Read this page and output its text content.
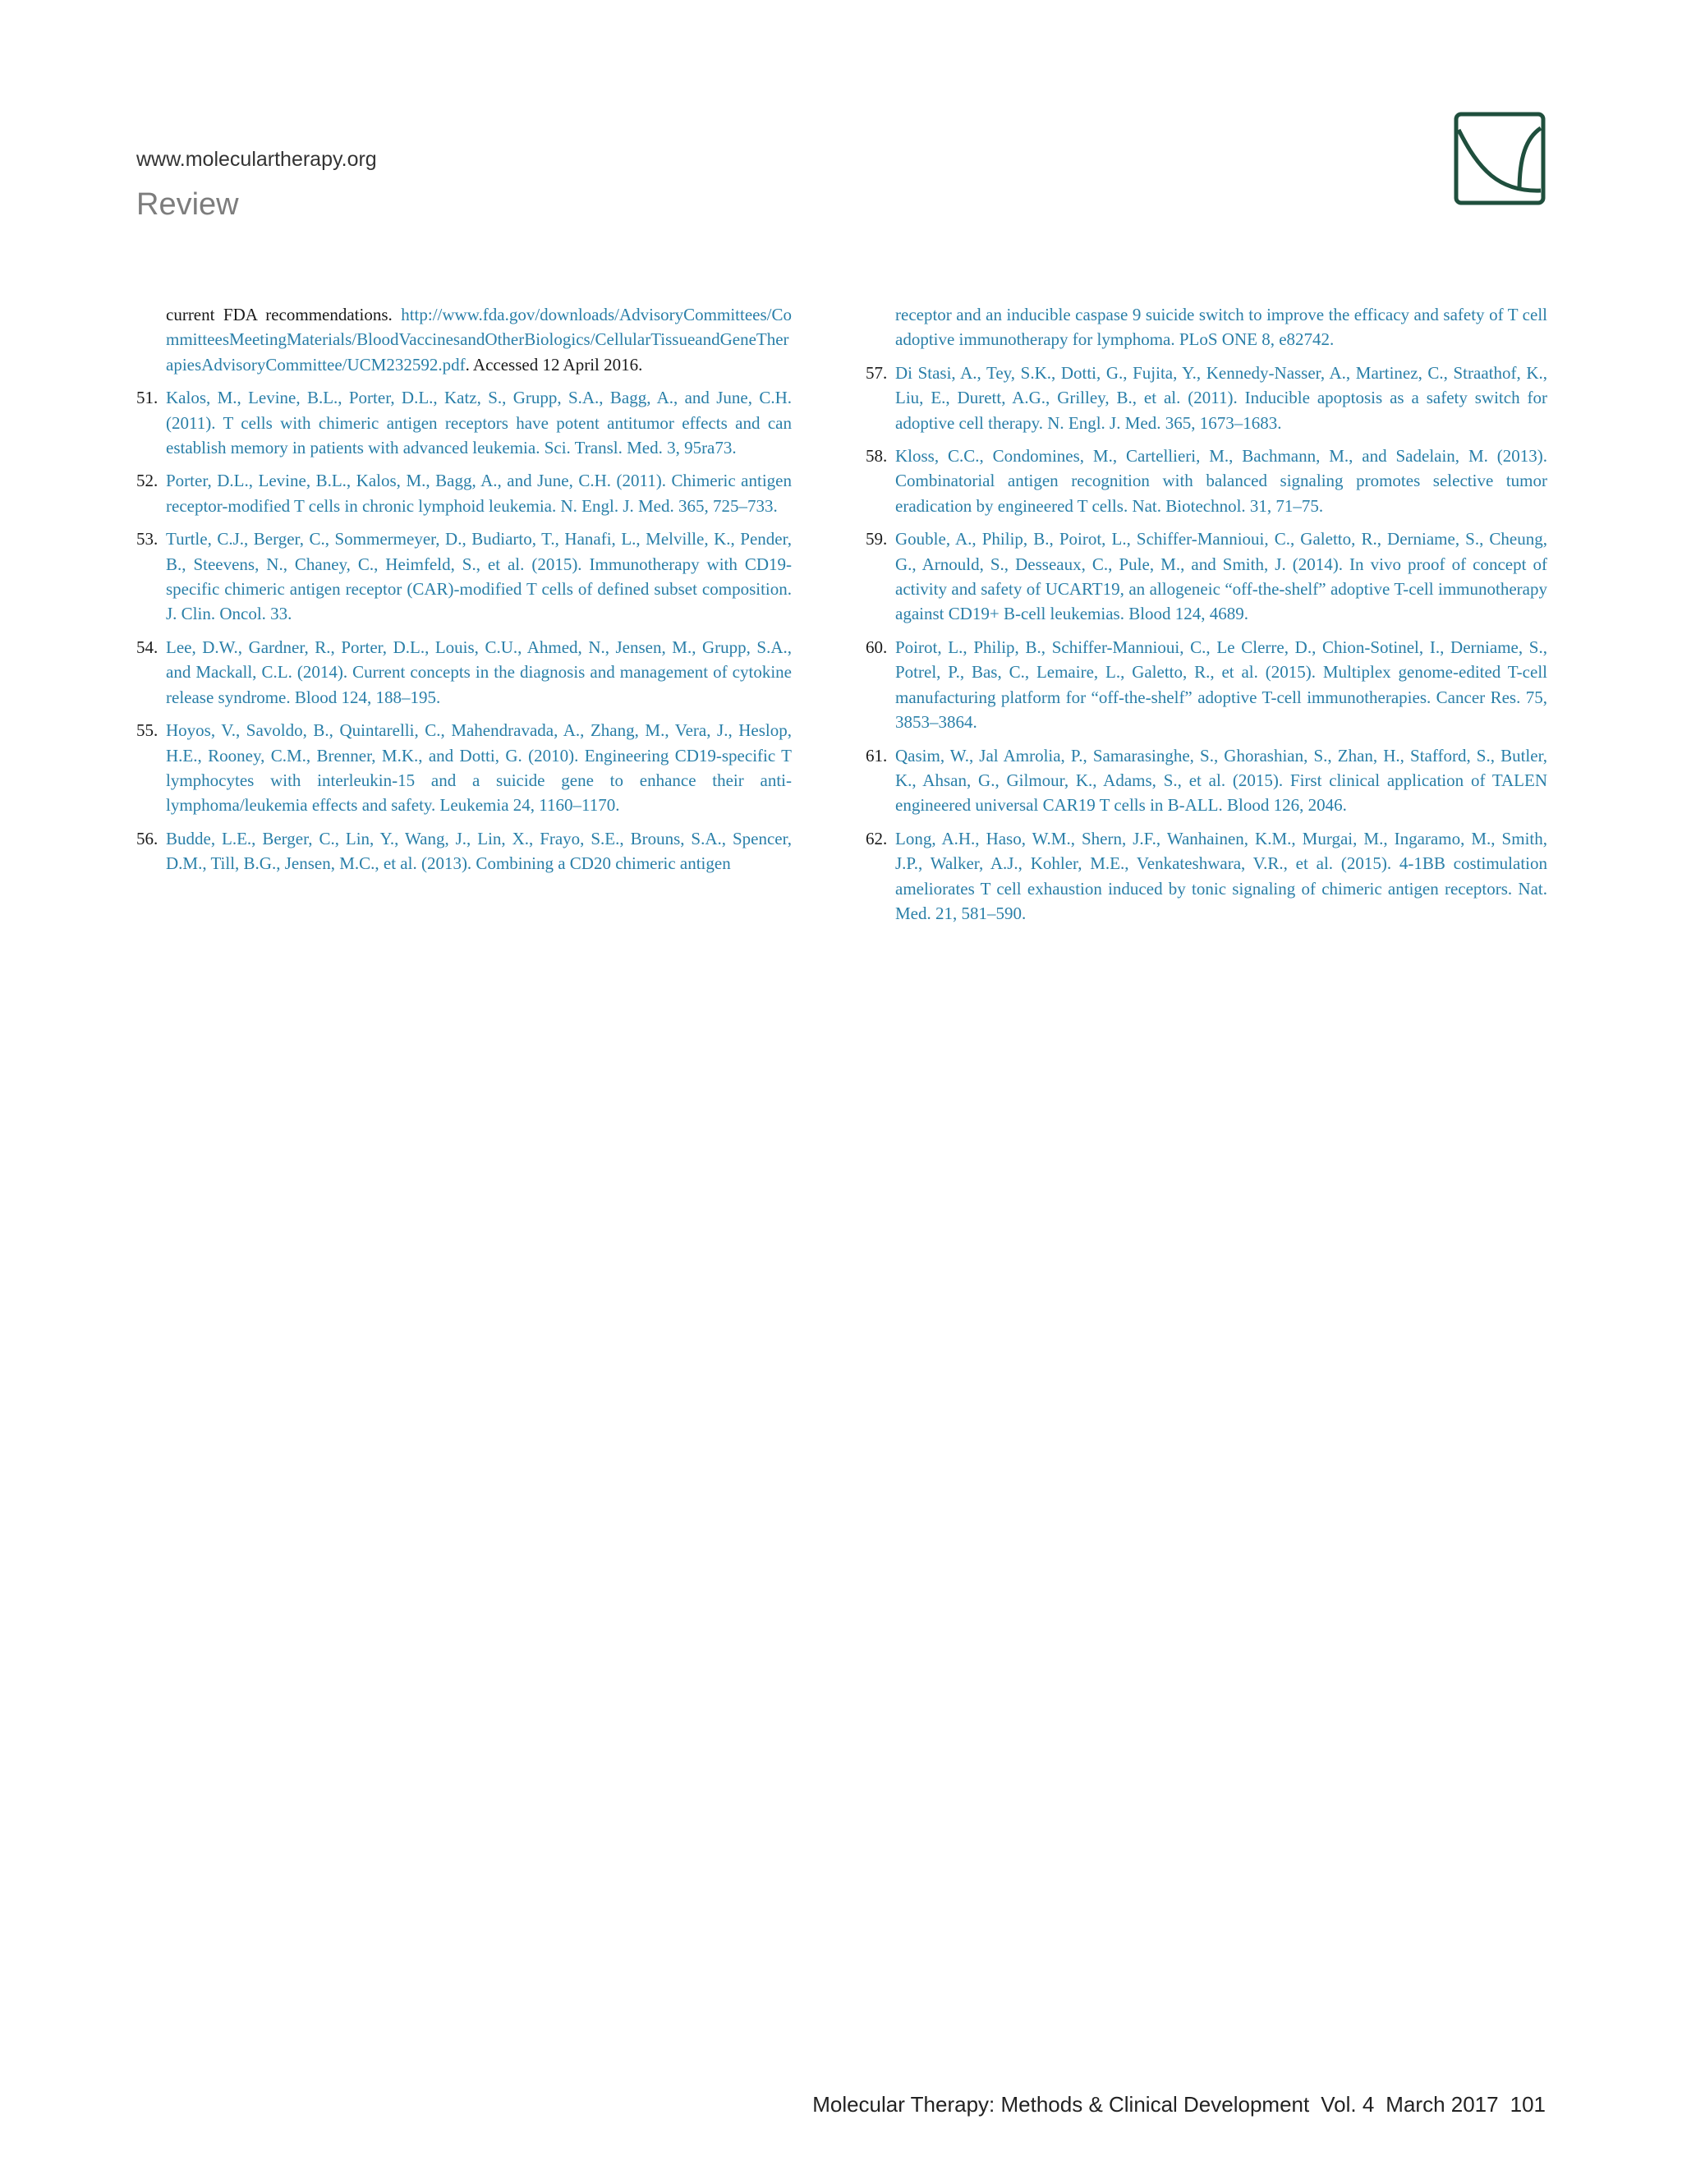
www.moleculartherapy.org
Review
current FDA recommendations. http://www.fda.gov/downloads/AdvisoryCommittees/CommitteesMeetingMaterials/BloodVaccinesandOtherBiologics/CellularTissueandGeneTherapiesAdvisoryCommittee/UCM232592.pdf. Accessed 12 April 2016.
51. Kalos, M., Levine, B.L., Porter, D.L., Katz, S., Grupp, S.A., Bagg, A., and June, C.H. (2011). T cells with chimeric antigen receptors have potent antitumor effects and can establish memory in patients with advanced leukemia. Sci. Transl. Med. 3, 95ra73.
52. Porter, D.L., Levine, B.L., Kalos, M., Bagg, A., and June, C.H. (2011). Chimeric antigen receptor-modified T cells in chronic lymphoid leukemia. N. Engl. J. Med. 365, 725–733.
53. Turtle, C.J., Berger, C., Sommermeyer, D., Budiarto, T., Hanafi, L., Melville, K., Pender, B., Steevens, N., Chaney, C., Heimfeld, S., et al. (2015). Immunotherapy with CD19-specific chimeric antigen receptor (CAR)-modified T cells of defined subset composition. J. Clin. Oncol. 33.
54. Lee, D.W., Gardner, R., Porter, D.L., Louis, C.U., Ahmed, N., Jensen, M., Grupp, S.A., and Mackall, C.L. (2014). Current concepts in the diagnosis and management of cytokine release syndrome. Blood 124, 188–195.
55. Hoyos, V., Savoldo, B., Quintarelli, C., Mahendravada, A., Zhang, M., Vera, J., Heslop, H.E., Rooney, C.M., Brenner, M.K., and Dotti, G. (2010). Engineering CD19-specific T lymphocytes with interleukin-15 and a suicide gene to enhance their anti-lymphoma/leukemia effects and safety. Leukemia 24, 1160–1170.
56. Budde, L.E., Berger, C., Lin, Y., Wang, J., Lin, X., Frayo, S.E., Brouns, S.A., Spencer, D.M., Till, B.G., Jensen, M.C., et al. (2013). Combining a CD20 chimeric antigen
receptor and an inducible caspase 9 suicide switch to improve the efficacy and safety of T cell adoptive immunotherapy for lymphoma. PLoS ONE 8, e82742.
57. Di Stasi, A., Tey, S.K., Dotti, G., Fujita, Y., Kennedy-Nasser, A., Martinez, C., Straathof, K., Liu, E., Durett, A.G., Grilley, B., et al. (2011). Inducible apoptosis as a safety switch for adoptive cell therapy. N. Engl. J. Med. 365, 1673–1683.
58. Kloss, C.C., Condomines, M., Cartellieri, M., Bachmann, M., and Sadelain, M. (2013). Combinatorial antigen recognition with balanced signaling promotes selective tumor eradication by engineered T cells. Nat. Biotechnol. 31, 71–75.
59. Gouble, A., Philip, B., Poirot, L., Schiffer-Mannioui, C., Galetto, R., Derniame, S., Cheung, G., Arnould, S., Desseaux, C., Pule, M., and Smith, J. (2014). In vivo proof of concept of activity and safety of UCART19, an allogeneic “off-the-shelf” adoptive T-cell immunotherapy against CD19+ B-cell leukemias. Blood 124, 4689.
60. Poirot, L., Philip, B., Schiffer-Mannioui, C., Le Clerre, D., Chion-Sotinel, I., Derniame, S., Potrel, P., Bas, C., Lemaire, L., Galetto, R., et al. (2015). Multiplex genome-edited T-cell manufacturing platform for “off-the-shelf” adoptive T-cell immunotherapies. Cancer Res. 75, 3853–3864.
61. Qasim, W., Jal Amrolia, P., Samarasinghe, S., Ghorashian, S., Zhan, H., Stafford, S., Butler, K., Ahsan, G., Gilmour, K., Adams, S., et al. (2015). First clinical application of TALEN engineered universal CAR19 T cells in B-ALL. Blood 126, 2046.
62. Long, A.H., Haso, W.M., Shern, J.F., Wanhainen, K.M., Murgai, M., Ingaramo, M., Smith, J.P., Walker, A.J., Kohler, M.E., Venkateshwara, V.R., et al. (2015). 4-1BB costimulation ameliorates T cell exhaustion induced by tonic signaling of chimeric antigen receptors. Nat. Med. 21, 581–590.
Molecular Therapy: Methods & Clinical Development Vol. 4 March 2017 101
